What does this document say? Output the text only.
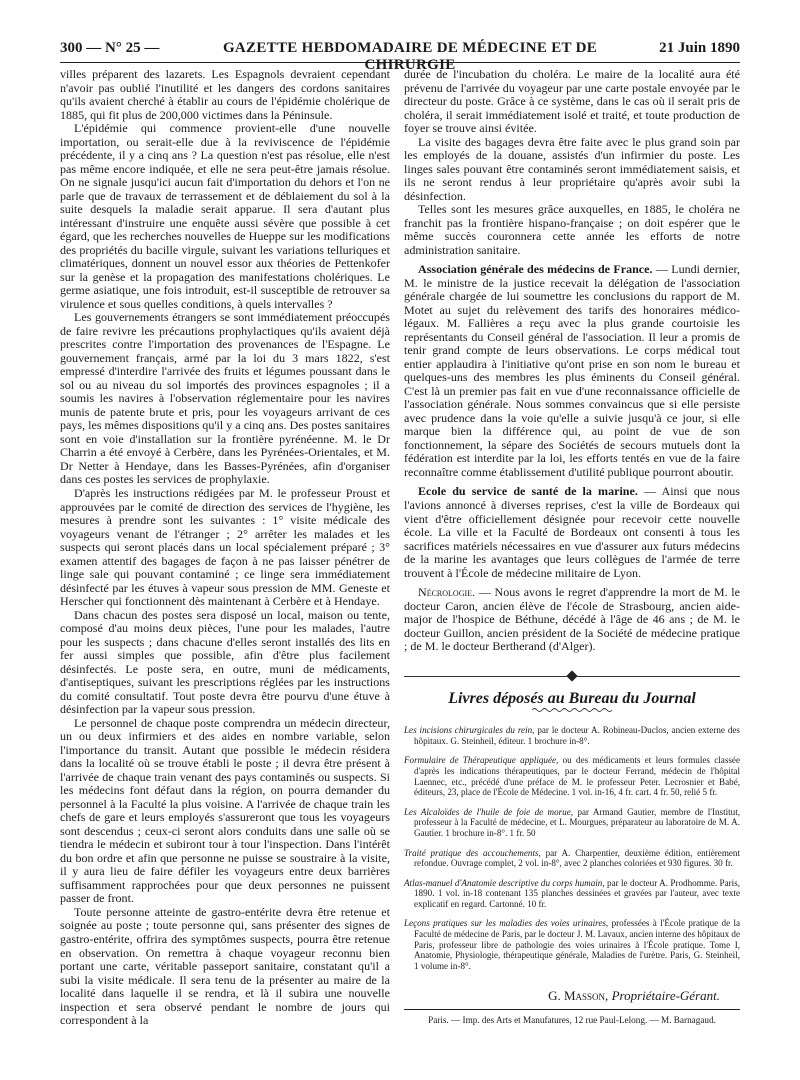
300 — N° 25 —	GAZETTE HEBDOMADAIRE DE MÉDECINE ET DE CHIRURGIE
21 Juin 1890

villes préparent des lazarets. Les Espagnols devraient cependant n'avoir pas oublié l'inutilité et les dangers des cordons sanitaires qu'ils avaient cherché à établir au cours de l'épidémie cholérique de 1885, qui fit plus de 200,000 victimes dans la Péninsule.

L'épidémie qui commence provient-elle d'une nouvelle importation, ou serait-elle due à la reviviscence de l'épidémie précédente, il y a cinq ans ? La question n'est pas résolue, elle n'est pas même encore indiquée, et elle ne sera peut-être jamais résolue. On ne signale jusqu'ici aucun fait d'importation du dehors et l'on ne parle que de travaux de terrassement et de déblaiement du sol à la suite desquels la maladie serait apparue. Il sera d'autant plus intéressant d'instruire une enquête aussi sévère que possible à cet égard, que les recherches nouvelles de Hueppe sur les modifications des propriétés du bacille virgule, suivant les variations telluriques et climatériques, donnent un nouvel essor aux théories de Pettenkofer sur la genèse et la propagation des manifestations cholériques. Le germe asiatique, une fois introduit, est-il susceptible de retrouver sa virulence et sous quelles conditions, à quels intervalles ?

Les gouvernements étrangers se sont immédiatement préoccupés de faire revivre les précautions prophylactiques qu'ils avaient déjà prescrites contre l'importation des provenances de l'Espagne. Le gouvernement français, armé par la loi du 3 mars 1822, s'est empressé d'interdire l'arrivée des fruits et légumes poussant dans le sol ou au niveau du sol importés des provinces espagnoles ; il a soumis les navires à l'observation réglementaire pour les navires munis de patente brute et pris, pour les voyageurs arrivant de ces pays, les mêmes dispositions qu'il y a cinq ans. Des postes sanitaires sont en voie d'installation sur la frontière pyrénéenne. M. le Dr Charrin a été envoyé à Cerbère, dans les Pyrénées-Orientales, et M. Dr Netter à Hendaye, dans les Basses-Pyrénées, afin d'organiser dans ces postes les services de prophylaxie.

D'après les instructions rédigées par M. le professeur Proust et approuvées par le comité de direction des services de l'hygiène, les mesures à prendre sont les suivantes : 1° visite médicale des voyageurs venant de l'étranger ; 2° arrêter les malades et les suspects qui seront placés dans un local spécialement préparé ; 3° examen attentif des bagages de façon à ne pas laisser pénétrer de linge sale qui pouvant contaminé ; ce linge sera immédiatement désinfecté par les étuves à vapeur sous pression de MM. Geneste et Herscher qui fonctionnent dès maintenant à Cerbère et à Hendaye.

Dans chacun des postes sera disposé un local, maison ou tente, composé d'au moins deux pièces, l'une pour les malades, l'autre pour les suspects ; dans chacune d'elles seront installés des lits en fer aussi simples que possible, afin d'être plus facilement désinfectés. Le poste sera, en outre, muni de médicaments, d'antiseptiques, suivant les prescriptions réglées par les instructions du comité consultatif. Tout poste devra être pourvu d'une étuve à désinfection par la vapeur sous pression.

Le personnel de chaque poste comprendra un médecin directeur, un ou deux infirmiers et des aides en nombre variable, selon l'importance du transit. Autant que possible le médecin résidera dans la localité où se trouve établi le poste ; il devra être présent à l'arrivée de chaque train venant des pays contaminés ou suspects. Si les médecins font défaut dans la région, on pourra demander du personnel à la Faculté la plus voisine. A l'arrivée de chaque train les chefs de gare et leurs employés s'assureront que tous les voyageurs sont descendus ; ceux-ci seront alors conduits dans une salle où se tiendra le médecin et subiront tour à tour l'inspection. Dans l'intérêt du bon ordre et afin que personne ne puisse se soustraire à la visite, il y aura lieu de faire défiler les voyageurs entre deux barrières suffisamment rapprochées pour que deux personnes ne puissent passer de front.

Toute personne atteinte de gastro-entérite devra être retenue et soignée au poste ; toute personne qui, sans présenter des signes de gastro-entérite, offrira des symptômes suspects, pourra être retenue en observation. On remettra à chaque voyageur reconnu bien portant une carte, véritable passeport sanitaire, constatant qu'il a subi la visite médicale. Il sera tenu de la présenter au maire de la localité dans laquelle il se rendra, et là il subira une nouvelle inspection et sera observé pendant le nombre de jours qui correspondent à la

durée de l'incubation du choléra. Le maire de la localité aura été prévenu de l'arrivée du voyageur par une carte postale envoyée par le directeur du poste. Grâce à ce système, dans le cas où il serait pris de choléra, il serait immédiatement isolé et traité, et toute production de foyer se trouve ainsi évitée.

La visite des bagages devra être faite avec le plus grand soin par les employés de la douane, assistés d'un infirmier du poste. Les linges sales pouvant être contaminés seront immédiatement saisis, et ils ne seront rendus à leur propriétaire qu'après avoir subi la désinfection.

Telles sont les mesures grâce auxquelles, en 1885, le choléra ne franchit pas la frontière hispano-française ; on doit espérer que le même succès couronnera cette année les efforts de notre administration sanitaire.

Association générale des médecins de France. — Lundi dernier, M. le ministre de la justice recevait la délégation de l'association générale chargée de lui soumettre les conclusions du rapport de M. Motet au sujet du relèvement des tarifs des honoraires médico-légaux. M. Fallières a reçu avec la plus grande courtoisie les représentants du Conseil général de l'association. Il leur a promis de tenir grand compte de leurs observations. Le corps médical tout entier applaudira à l'initiative qu'ont prise en son nom le bureau et quelques-uns des membres les plus éminents du Conseil général. C'est là un premier pas fait en vue d'une reconnaissance officielle de l'association générale. Nous sommes convaincus que si elle persiste avec prudence dans la voie qu'elle a suivie jusqu'à ce jour, si elle marque bien la différence qui, au point de vue de son fonctionnement, la sépare des Sociétés de secours mutuels dont la fédération est interdite par la loi, les efforts tentés en vue de la faire reconnaître comme établissement d'utilité publique pourront aboutir.

Ecole du service de santé de la marine. — Ainsi que nous l'avions annoncé à diverses reprises, c'est la ville de Bordeaux qui vient d'être officiellement désignée pour recevoir cette nouvelle école. La ville et la Faculté de Bordeaux ont consenti à tous les sacrifices matériels nécessaires en vue d'assurer aux futurs médecins de la marine les avantages que leurs collègues de l'armée de terre trouvent à l'École de médecine militaire de Lyon.

Nécrologie. — Nous avons le regret d'apprendre la mort de M. le docteur Caron, ancien élève de l'école de Strasbourg, ancien aide-major de l'hospice de Béthune, décédé à l'âge de 46 ans ; de M. le docteur Guillon, ancien président de la Société de médecine pratique ; de M. le docteur Bertherand (d'Alger).

Livres déposés au Bureau du Journal

Les incisions chirurgicales du rein, par le docteur A. Robineau-Duclos, ancien externe des hôpitaux. G. Steinheil, éditeur. 1 brochure in-8°.

Formulaire de Thérapeutique appliquée, ou des médicaments et leurs formules classée d'après les indications thérapeutiques, par le docteur Ferrand, médecin de l'hôpital Laennec, etc., précédé d'une préface de M. le professeur Peter. Lecrosnier et Babé, éditeurs, 23, place de l'École de Médecine. 1 vol. in-16, 4 fr. cart. 4 fr. 50, relié 5 fr.

Les Alcaloïdes de l'huile de foie de morue, par Armand Gautier, membre de l'Institut, professeur à la Faculté de médecine, et L. Mourgues, préparateur au laboratoire de M. A. Gautier. 1 brochure in-8°. 1 fr. 50

Traité pratique des accouchements, par A. Charpentier, deuxième édition, entièrement refondue. Ouvrage complet, 2 vol. in-8°, avec 2 planches coloriées et 930 figures. 30 fr.

Atlas-manuel d'Anatomie descriptive du corps humain, par le docteur A. Prodhomme. Paris, 1890. 1 vol. in-18 contenant 135 planches dessinées et gravées par l'auteur, avec texte explicatif en regard. Cartonné. 10 fr.

Leçons pratiques sur les maladies des voies urinaires, professées à l'École pratique de la Faculté de médecine de Paris, par le docteur J. M. Lavaux, ancien interne des hôpitaux de Paris, professeur libre de pathologie des voies urinaires à l'École pratique. Tome I, Anatomie, Physiologie, thérapeutique générale, Maladies de l'urètre. Paris, G. Steinheil, 1 volume in-8°.

G. Masson, Propriétaire-Gérant.
Paris. — Imp. des Arts et Manufatures, 12 rue Paul-Lelong. — M. Barnagaud.
